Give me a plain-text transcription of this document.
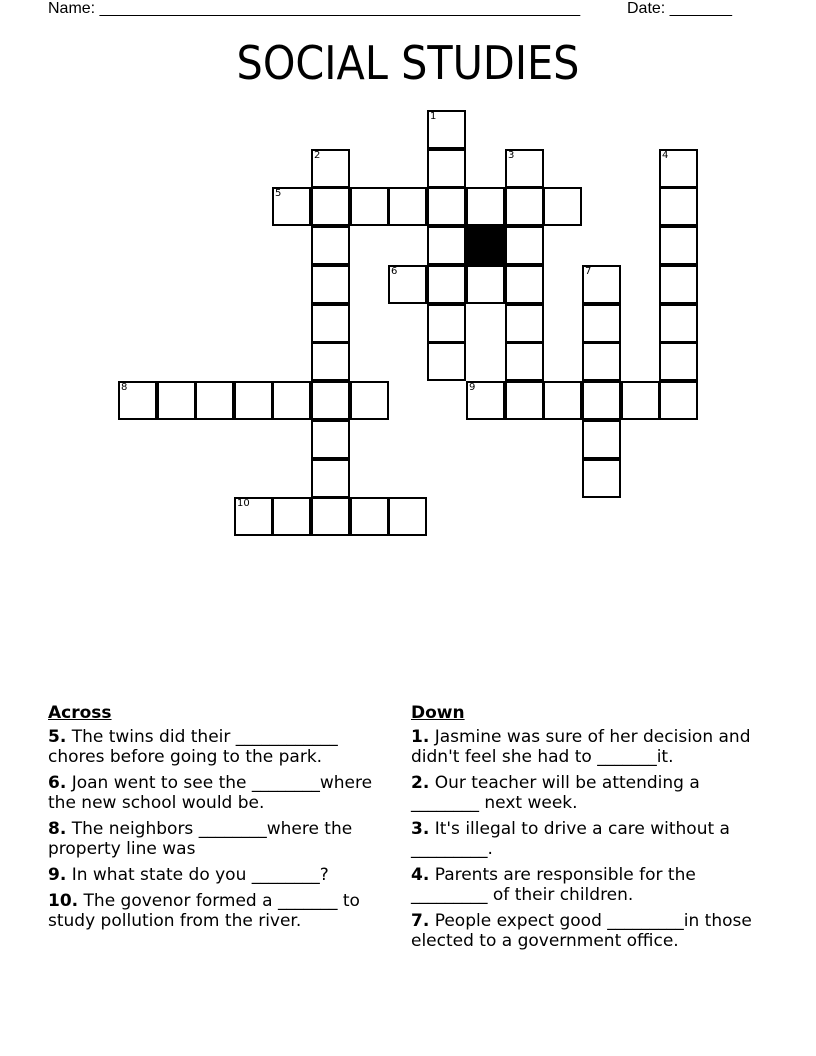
Name: ______________________________________________________	Date: _______
SOCIAL STUDIES
5
6
8	9
10
1
2	3	4
7
Across
5. The twins did their ____________ chores before going to the park.
6. Joan went to see the ________where the new school would be.
8. The neighbors ________where the property line was
9. In what state do you ________?
10. The govenor formed a _______ to study pollution from the river.
Down
1. Jasmine was sure of her decision and didn't feel she had to _______it.
2. Our teacher will be attending a ________ next week.
3. It's illegal to drive a care without a _________.
4. Parents are responsible for the _________ of their children.
7. People expect good _________in those elected to a government office.
